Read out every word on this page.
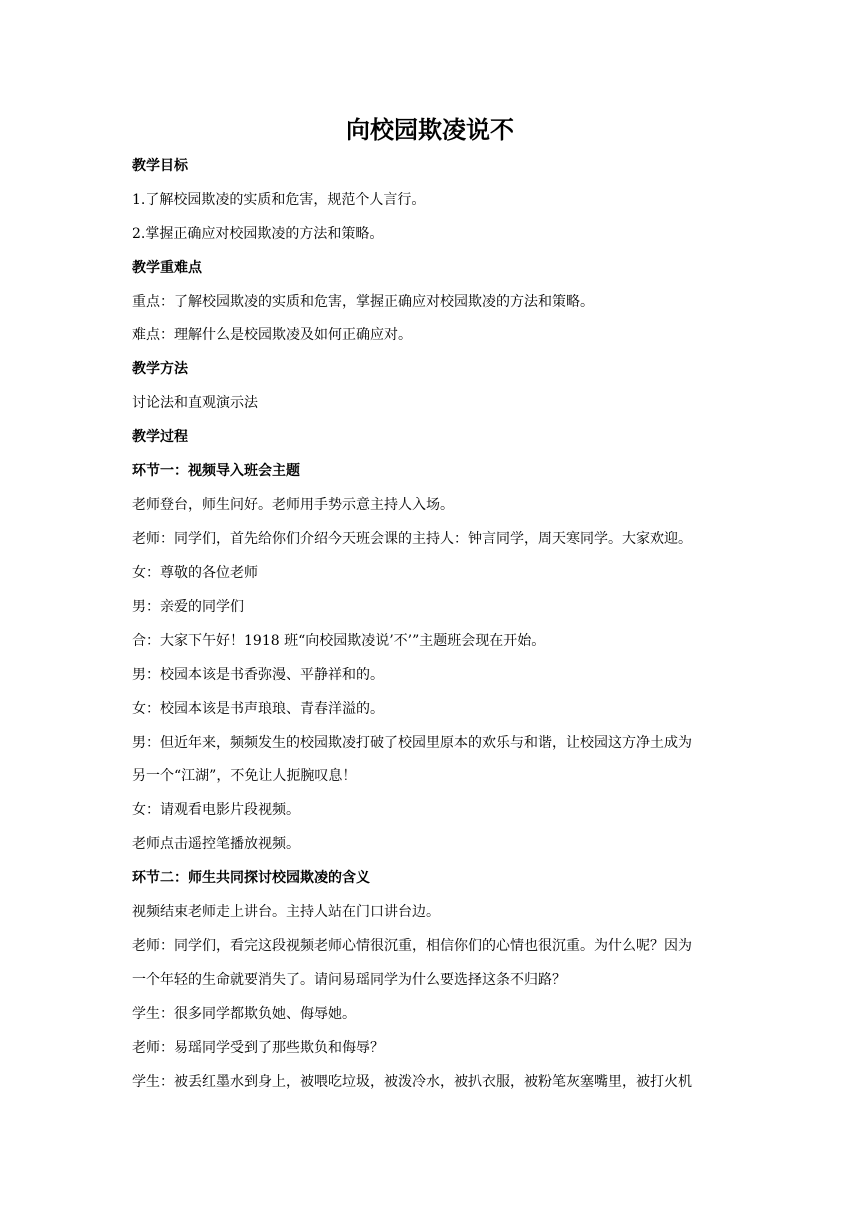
向校园欺凌说不
教学目标
1.了解校园欺凌的实质和危害，规范个人言行。
2.掌握正确应对校园欺凌的方法和策略。
教学重难点
重点：了解校园欺凌的实质和危害，掌握正确应对校园欺凌的方法和策略。
难点：理解什么是校园欺凌及如何正确应对。
教学方法
讨论法和直观演示法
教学过程
环节一：视频导入班会主题
老师登台，师生问好。老师用手势示意主持人入场。
老师：同学们，首先给你们介绍今天班会课的主持人：钟言同学，周天寒同学。大家欢迎。
女：尊敬的各位老师
男：亲爱的同学们
合：大家下午好！1918 班“向校园欺凌说’不’”主题班会现在开始。
男：校园本该是书香弥漫、平静祥和的。
女：校园本该是书声琅琅、青春洋溢的。
男：但近年来，频频发生的校园欺凌打破了校园里原本的欢乐与和谐，让校园这方净土成为
另一个“江湖”，不免让人扼腕叹息！
女：请观看电影片段视频。
老师点击遥控笔播放视频。
环节二：师生共同探讨校园欺凌的含义
视频结束老师走上讲台。主持人站在门口讲台边。
老师：同学们，看完这段视频老师心情很沉重，相信你们的心情也很沉重。为什么呢？因为
一个年轻的生命就要消失了。请问易瑶同学为什么要选择这条不归路？
学生：很多同学都欺负她、侮辱她。
老师：易瑶同学受到了那些欺负和侮辱？
学生：被丢红墨水到身上，被喂吃垃圾，被泼冷水，被扒衣服，被粉笔灰塞嘴里，被打火机
